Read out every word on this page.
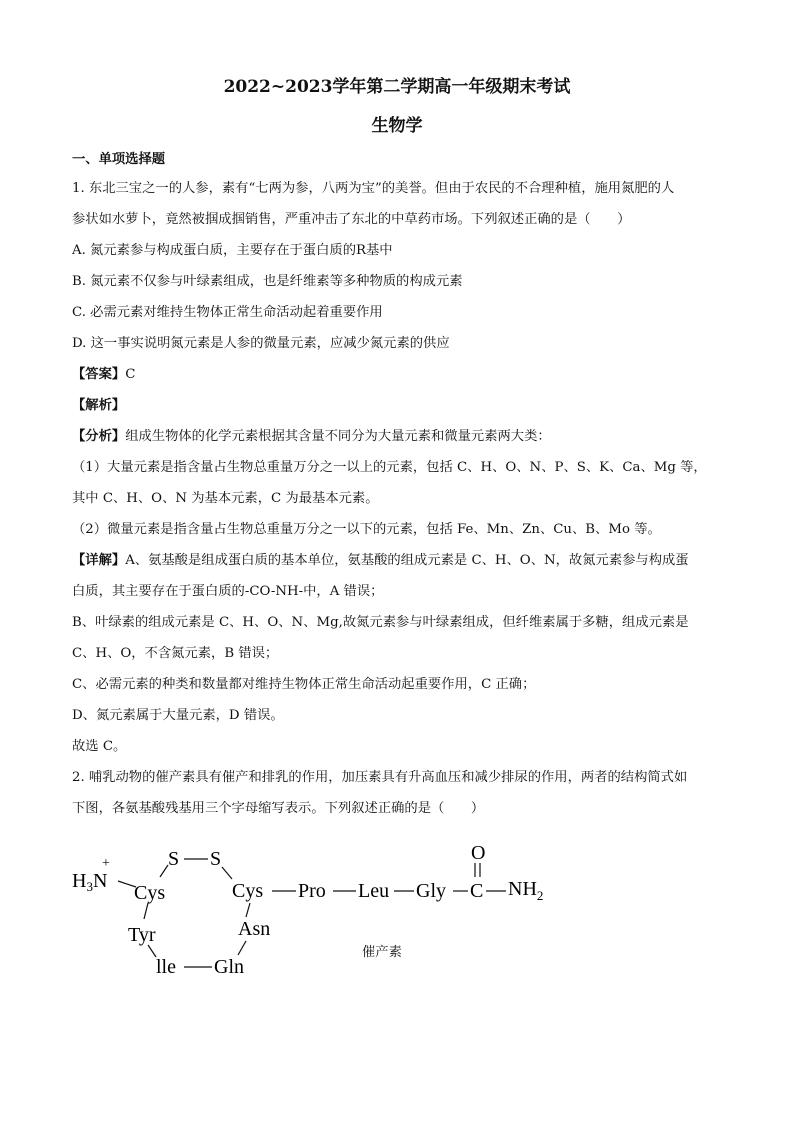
2022~2023学年第二学期高一年级期末考试
生物学
一、单项选择题
1. 东北三宝之一的人参，素有“七两为参，八两为宝”的美誉。但由于农民的不合理种植，施用氮肥的人
参状如水萝卜，竟然被掴成掴销售，严重冲击了东北的中草药市场。下列叙述正确的是（　　）
A. 氮元素参与构成蛋白质，主要存在于蛋白质的R基中
B. 氮元素不仅参与叶绿素组成，也是纤维素等多种物质的构成元素
C. 必需元素对维持生物体正常生命活动起着重要作用
D. 这一事实说明氮元素是人参的微量元素，应减少氮元素的供应
【答案】C
【解析】
【分析】组成生物体的化学元素根据其含量不同分为大量元素和微量元素两大类：
（1）大量元素是指含量占生物总重量万分之一以上的元素，包括 C、H、O、N、P、S、K、Ca、Mg 等，
其中 C、H、O、N 为基本元素，C 为最基本元素。
（2）微量元素是指含量占生物总重量万分之一以下的元素，包括 Fe、Mn、Zn、Cu、B、Mo 等。
【详解】A、氨基酸是组成蛋白质的基本单位，氨基酸的组成元素是 C、H、O、N，故氮元素参与构成蛋
白质，其主要存在于蛋白质的-CO-NH-中，A 错误；
B、叶绿素的组成元素是 C、H、O、N、Mg,故氮元素参与叶绿素组成，但纤维素属于多糖，组成元素是
C、H、O，不含氮元素，B 错误；
C、必需元素的种类和数量都对维持生物体正常生命活动起重要作用，C 正确；
D、氮元素属于大量元素，D 错误。
故选 C。
2. 哺乳动物的催产素具有催产和排乳的作用，加压素具有升高血压和减少排尿的作用，两者的结构简式如
下图，各氨基酸残基用三个字母缩写表示。下列叙述正确的是（　　）
$H_3N$
+
Cys
S S
Cys Pro Leu Gly C
O
$NH_2$
Tyr	Asn
lle Gln
催产素
